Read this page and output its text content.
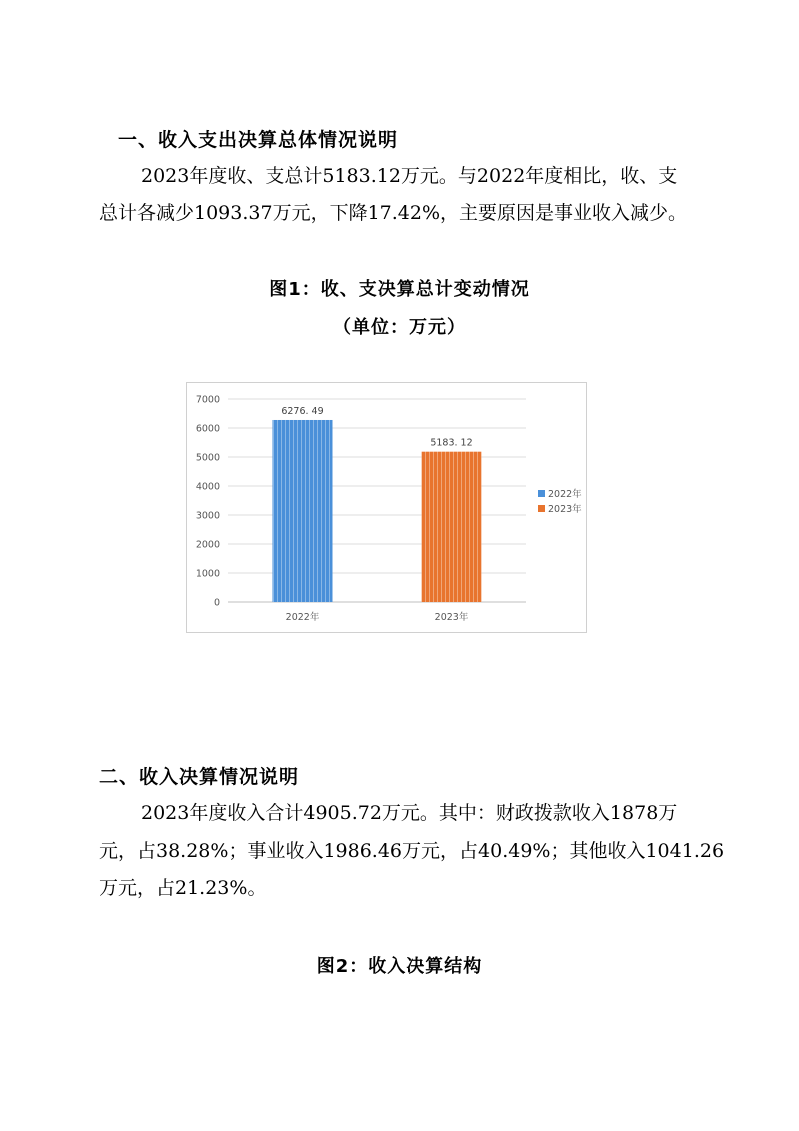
一、收入支出决算总体情况说明
2023年度收、支总计5183.12万元。与2022年度相比，收、支
总计各减少1093.37万元，下降17.42%，主要原因是事业收入减少。
图1：收、支决算总计变动情况
（单位：万元）
0
1000
2000
3000
4000
5000
6000
7000
6276. 49
2022年
5183. 12
2023年
2022年
2023年
二、收入决算情况说明
2023年度收入合计4905.72万元。其中：财政拨款收入1878万
元，占38.28%；事业收入1986.46万元，占40.49%；其他收入1041.26
万元，占21.23%。
图2：收入决算结构
